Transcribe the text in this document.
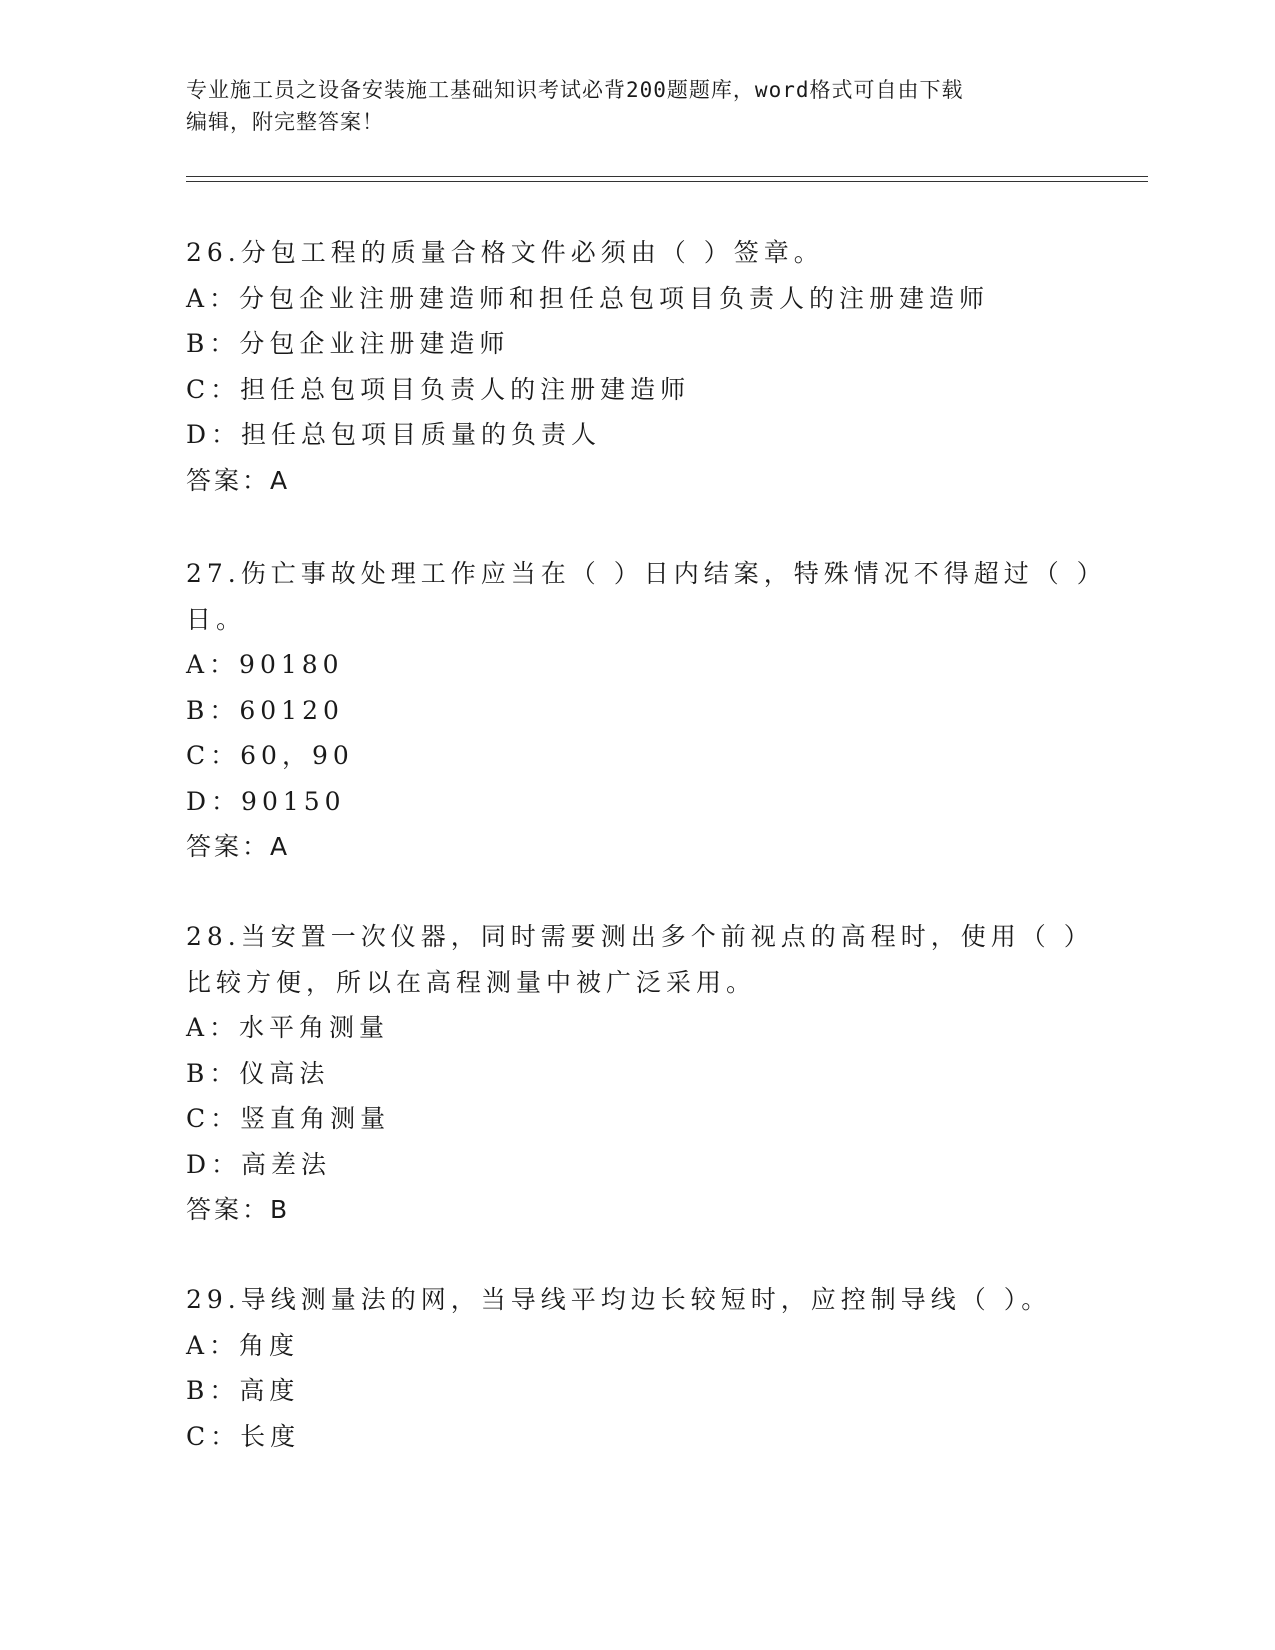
专业施工员之设备安装施工基础知识考试必背200题题库，word格式可自由下载
编辑，附完整答案！
26.分包工程的质量合格文件必须由（ ）签章。
A：分包企业注册建造师和担任总包项目负责人的注册建造师
B：分包企业注册建造师
C：担任总包项目负责人的注册建造师
D：担任总包项目质量的负责人
答案：A
27.伤亡事故处理工作应当在（ ）日内结案，特殊情况不得超过（ ）
日。
A：90180
B：60120
C：60，90
D：90150
答案：A
28.当安置一次仪器，同时需要测出多个前视点的高程时，使用（ ）
比较方便，所以在高程测量中被广泛采用。
A：水平角测量
B：仪高法
C：竖直角测量
D：高差法
答案：B
29.导线测量法的网，当导线平均边长较短时，应控制导线（ ）。
A：角度
B：高度
C：长度
